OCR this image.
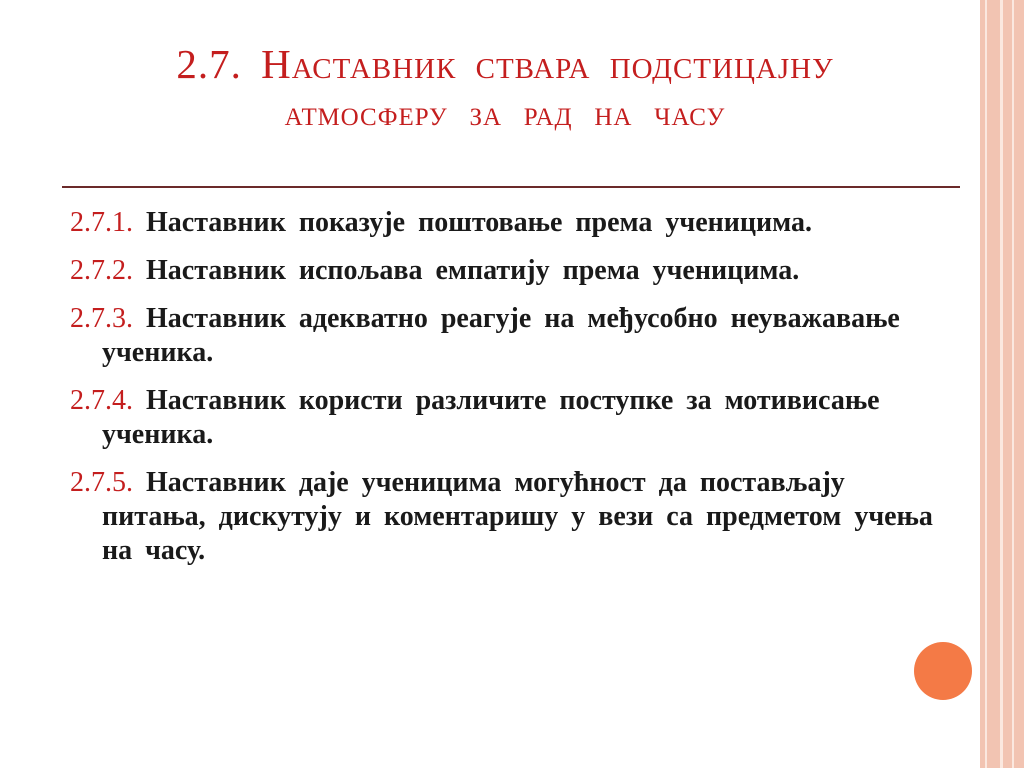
2.7. Наставник ствара подстицајну
атмосферу за рад на часу
2.7.1. Наставник показује поштовање према ученицима.
2.7.2. Наставник испољава емпатију према ученицима.
2.7.3. Наставник адекватно реагује на међусобно неуважавање ученика.
2.7.4. Наставник користи различите поступке за мотивисање ученика.
2.7.5. Наставник даје ученицима могућност да постављају питања, дискутују и коментаришу у вези са предметом учења на часу.
